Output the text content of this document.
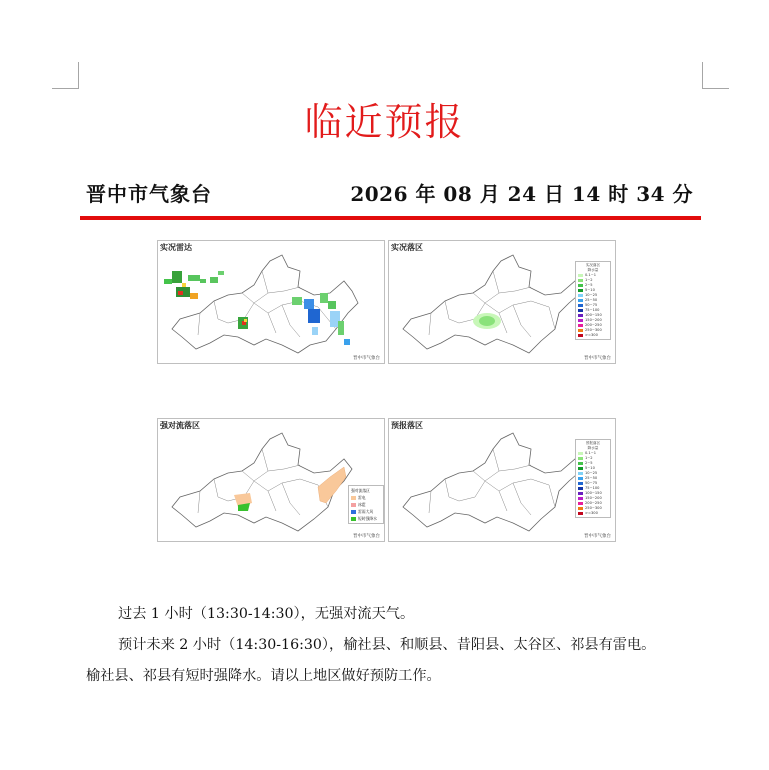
临近预报
晋中市气象台	2026 年 08 月 24 日 14 时 34 分
实况雷达
晋中市气象台
实况落区
实况落区
降水量
0.1~1
1~2
2~5
5~10
10~25
25~50
50~75
75~100
100~150
150~200
200~250
250~300
>=300
晋中市气象台
强对流落区
强对流落区
雷电
冰雹
雷雨大风
短时强降水
晋中市气象台
预报落区
预报落区
降水量
0.1~1
1~2
2~5
5~10
10~25
25~50
50~75
75~100
100~150
150~200
200~250
250~300
>=300
晋中市气象台
过去 1 小时（13:30-14:30），无强对流天气。
预计未来 2 小时（14:30-16:30），榆社县、和顺县、昔阳县、太谷区、祁县有雷电。
榆社县、祁县有短时强降水。请以上地区做好预防工作。
